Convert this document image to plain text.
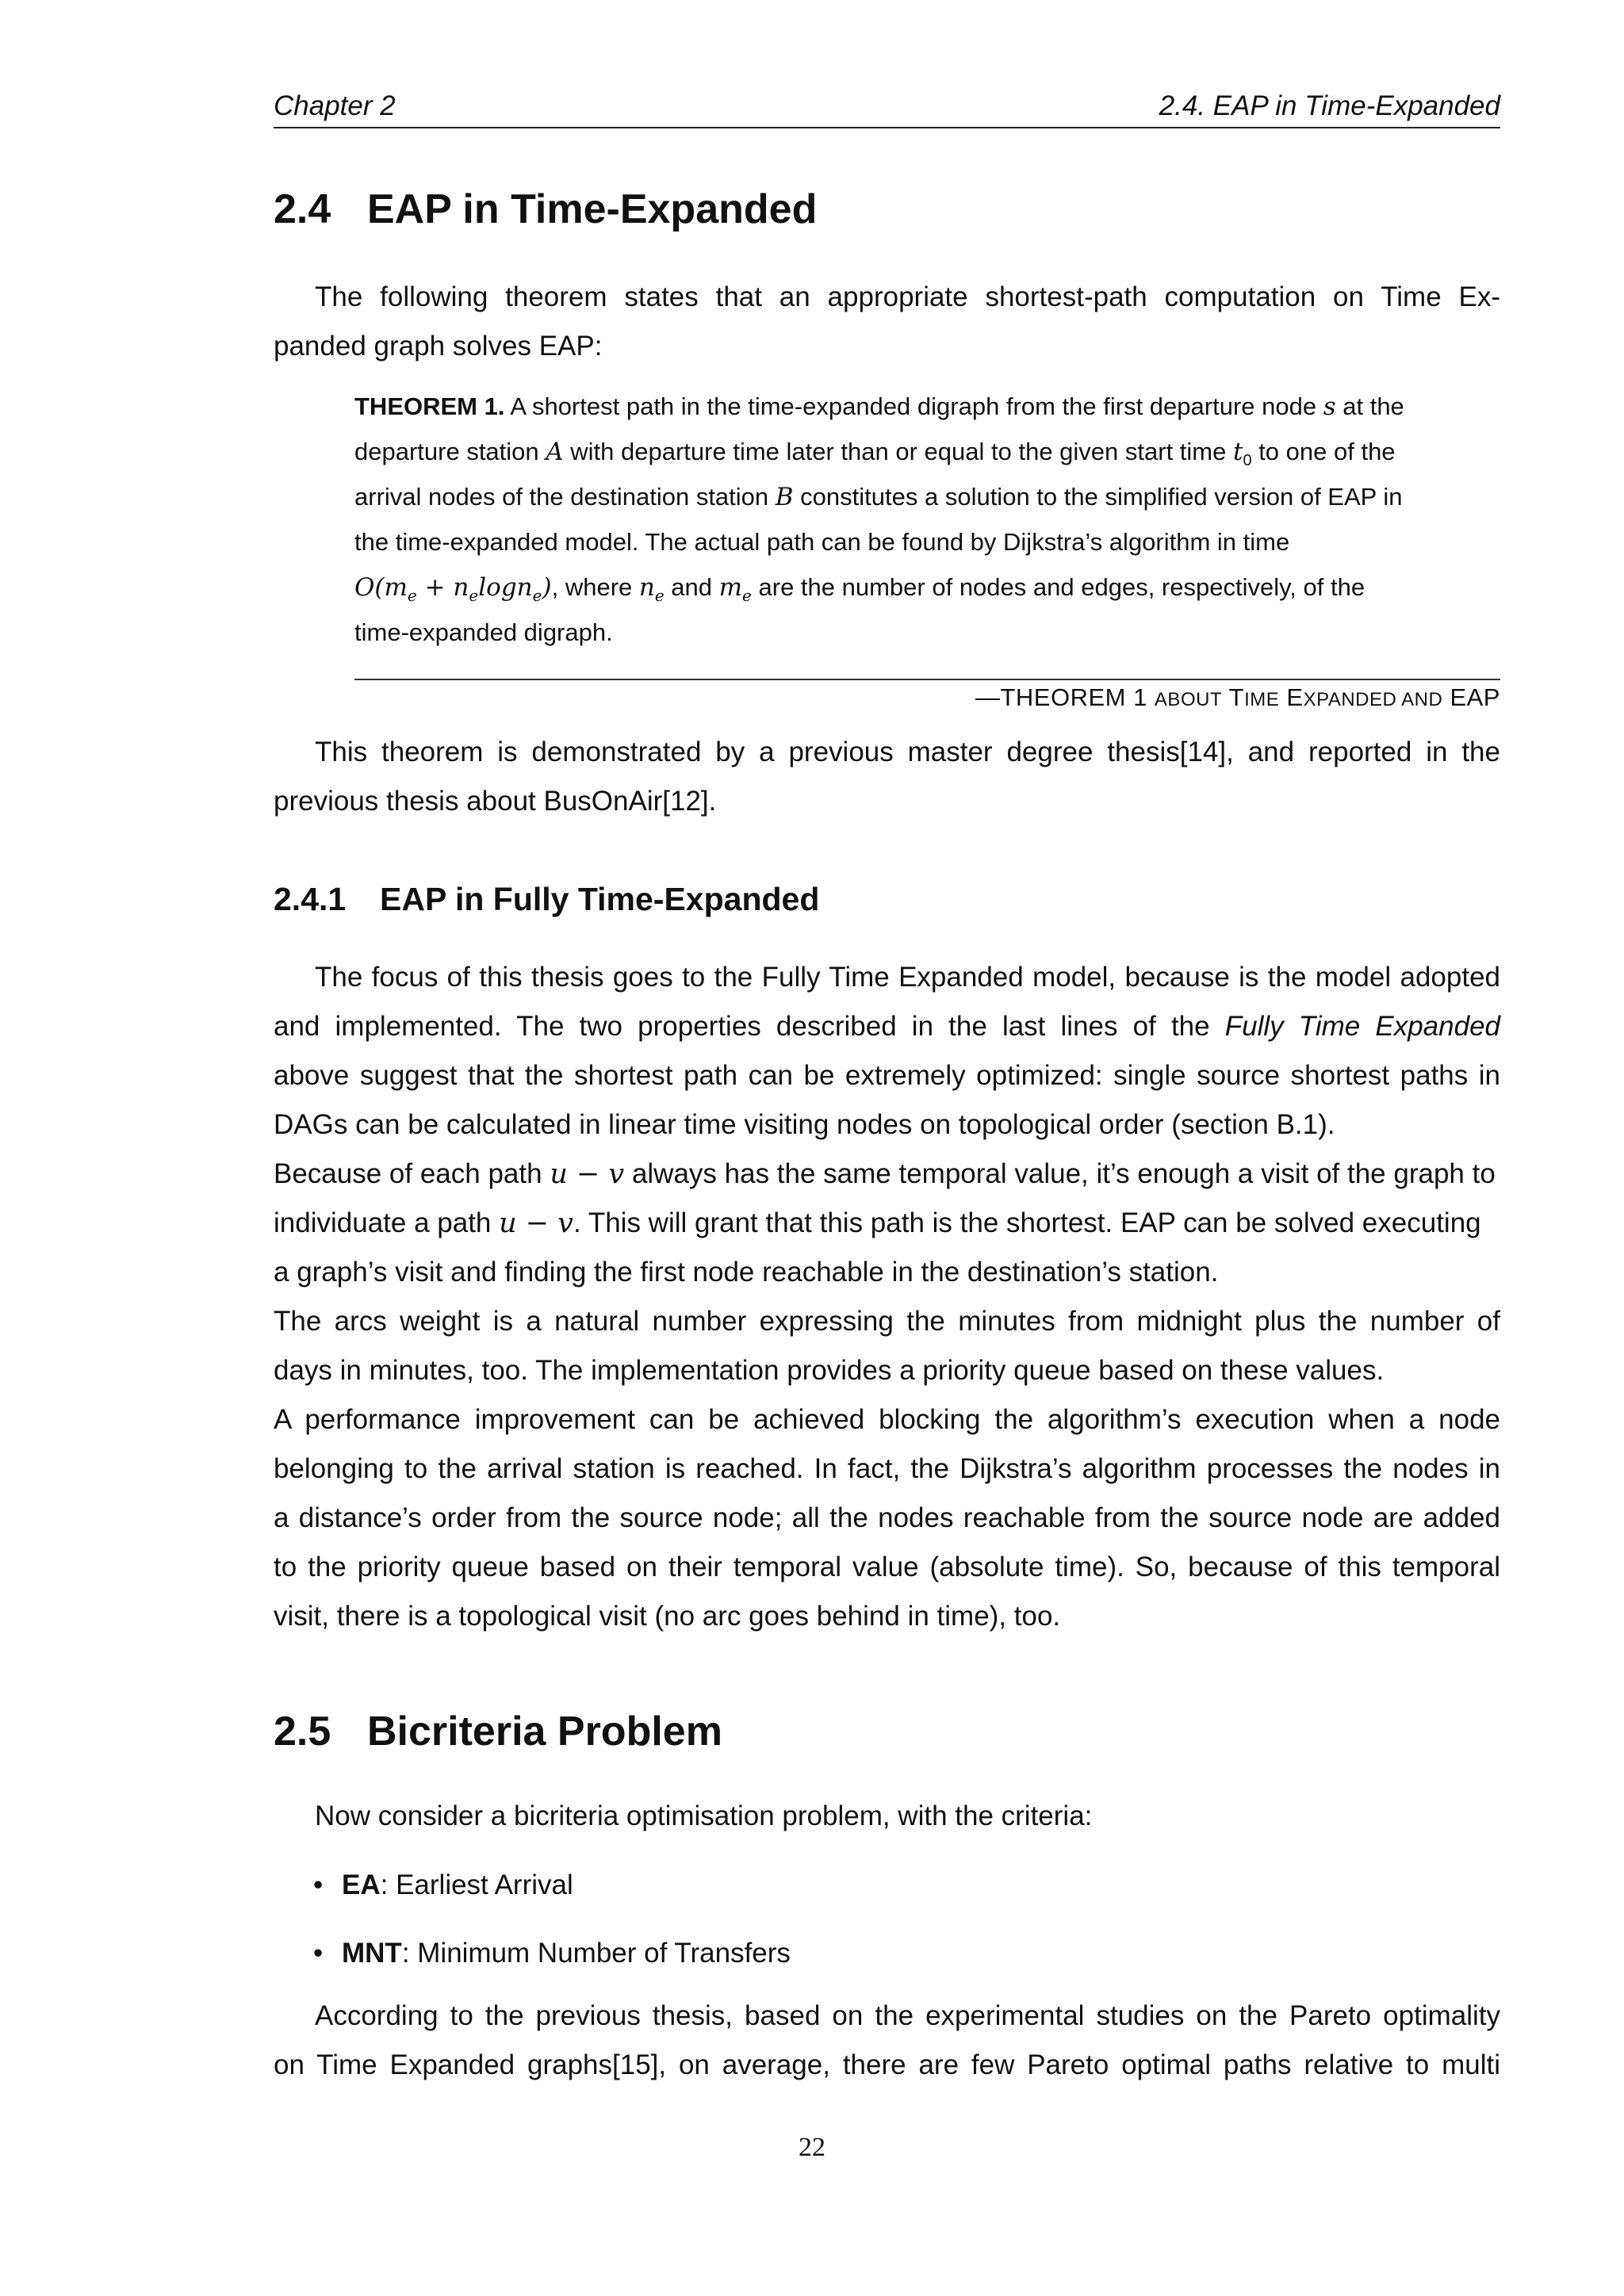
Chapter 2	2.4. EAP in Time-Expanded
2.4 EAP in Time-Expanded
The following theorem states that an appropriate shortest-path computation on Time Ex-
panded graph solves EAP:
THEOREM 1. A shortest path in the time-expanded digraph from the first departure node s at the
departure station A with departure time later than or equal to the given start time $t_0$ to one of the
arrival nodes of the destination station B constitutes a solution to the simplified version of EAP in
the time-expanded model. The actual path can be found by Dijkstra’s algorithm in time
$O(m_e + n_e\log n_e)$, where $n_e$ and $m_e$ are the number of nodes and edges, respectively, of the
time-expanded digraph.
—THEOREM 1 ABOUT TIME EXPANDED AND EAP
This theorem is demonstrated by a previous master degree thesis[14], and reported in the
previous thesis about BusOnAir[12].
2.4.1 EAP in Fully Time-Expanded
The focus of this thesis goes to the Fully Time Expanded model, because is the model adopted
and implemented. The two properties described in the last lines of the Fully Time Expanded
above suggest that the shortest path can be extremely optimized: single source shortest paths in
DAGs can be calculated in linear time visiting nodes on topological order (section B.1).
Because of each path u − v always has the same temporal value, it’s enough a visit of the graph to
individuate a path u − v. This will grant that this path is the shortest. EAP can be solved executing
a graph’s visit and finding the first node reachable in the destination’s station.
The arcs weight is a natural number expressing the minutes from midnight plus the number of
days in minutes, too. The implementation provides a priority queue based on these values.
A performance improvement can be achieved blocking the algorithm’s execution when a node
belonging to the arrival station is reached. In fact, the Dijkstra’s algorithm processes the nodes in
a distance’s order from the source node; all the nodes reachable from the source node are added
to the priority queue based on their temporal value (absolute time). So, because of this temporal
visit, there is a topological visit (no arc goes behind in time), too.
2.5 Bicriteria Problem
Now consider a bicriteria optimisation problem, with the criteria:
• EA: Earliest Arrival
• MNT: Minimum Number of Transfers
According to the previous thesis, based on the experimental studies on the Pareto optimality
on Time Expanded graphs[15], on average, there are few Pareto optimal paths relative to multi
22
